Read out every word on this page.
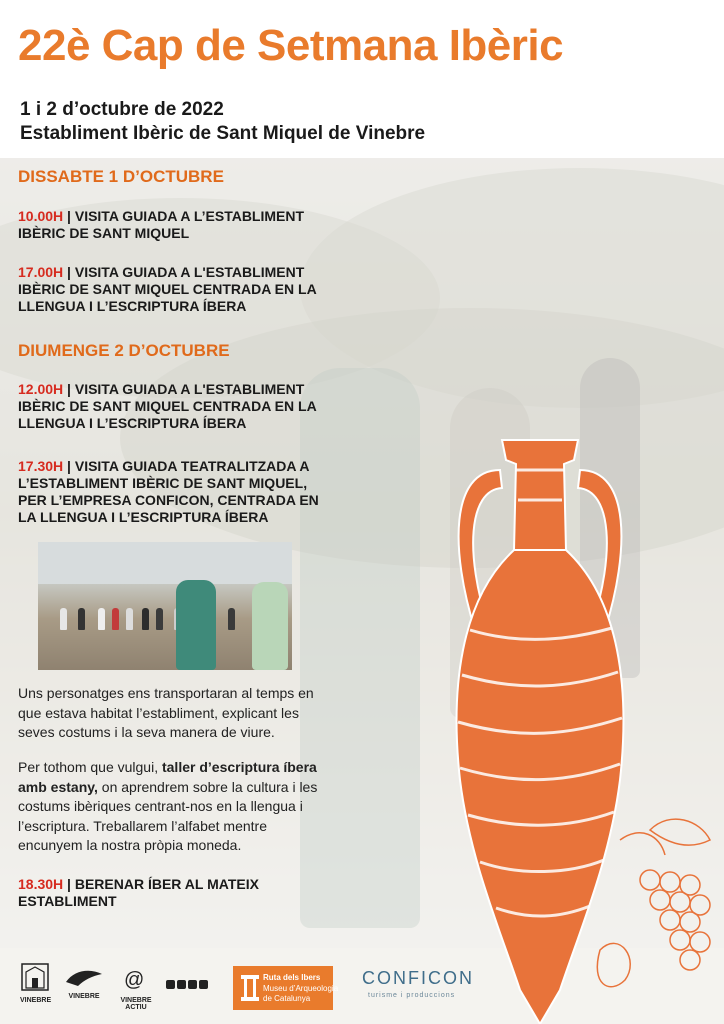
22è Cap de Setmana Ibèric
1 i 2 d’octubre de 2022
Establiment Ibèric de Sant Miquel de Vinebre
DISSABTE 1 D’OCTUBRE
10.00H | VISITA GUIADA A L’ESTABLIMENT
IBÈRIC DE SANT MIQUEL
17.00H | VISITA GUIADA A L'ESTABLIMENT
IBÈRIC DE SANT MIQUEL CENTRADA EN LA
LLENGUA I L’ESCRIPTURA ÍBERA
DIUMENGE 2 D’OCTUBRE
12.00H | VISITA GUIADA A L'ESTABLIMENT
IBÈRIC DE SANT MIQUEL CENTRADA EN LA
LLENGUA I L’ESCRIPTURA ÍBERA
17.30H | VISITA GUIADA TEATRALITZADA A
L’ESTABLIMENT IBÈRIC DE SANT MIQUEL,
PER L’EMPRESA CONFICON, CENTRADA EN
LA LLENGUA I L’ESCRIPTURA ÍBERA
Uns personatges ens transportaran al temps en
que estava habitat l’establiment, explicant les
seves costums i la seva manera de viure.
Per tothom que vulgui, taller d’escriptura íbera
amb estany, on aprendrem sobre la cultura i les
costums ibèriques centrant-nos en la llengua i
l’escriptura. Treballarem l’alfabet mentre
encunyem la nostra pròpia moneda.
18.30H | BERENAR ÍBER AL MATEIX
ESTABLIMENT
VINEBRE
VINEBRE
@
VINEBRE ACTIU
Ruta dels Ibers
Museu d’Arqueologia
de Catalunya
CONFICON
turisme i produccions
